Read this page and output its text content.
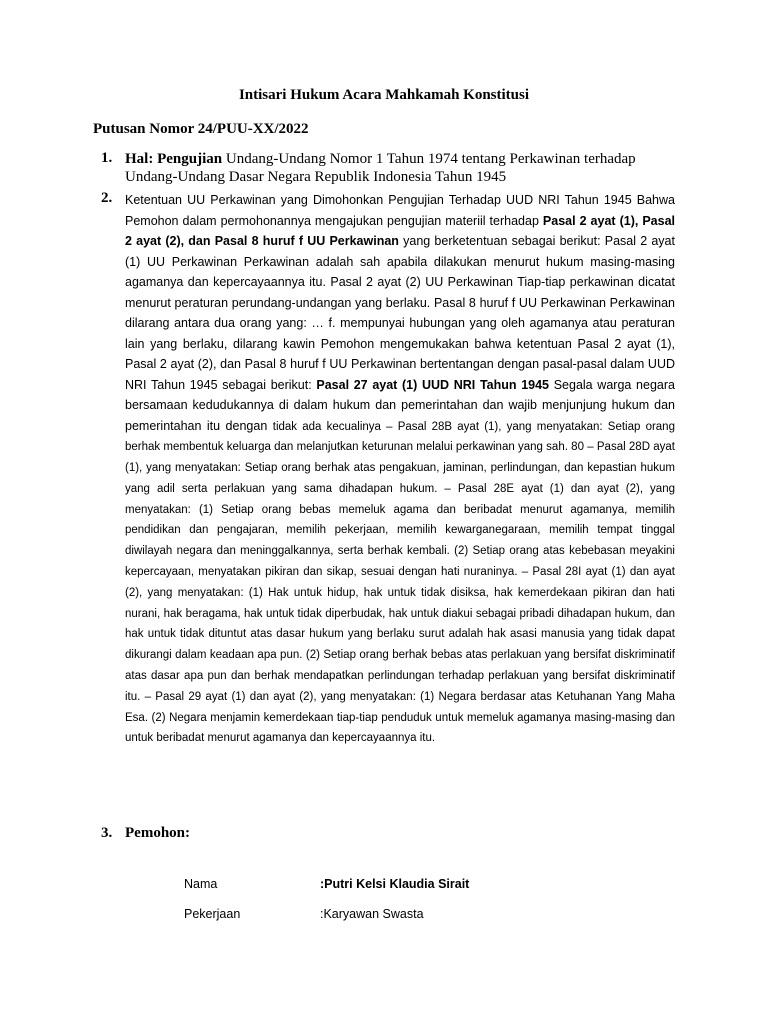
Intisari Hukum Acara Mahkamah Konstitusi
Putusan Nomor 24/PUU-XX/2022
1. Hal: Pengujian Undang-Undang Nomor 1 Tahun 1974 tentang Perkawinan terhadap Undang-Undang Dasar Negara Republik Indonesia Tahun 1945
2. Ketentuan UU Perkawinan yang Dimohonkan Pengujian Terhadap UUD NRI Tahun 1945 Bahwa Pemohon dalam permohonannya mengajukan pengujian materiil terhadap Pasal 2 ayat (1), Pasal 2 ayat (2), dan Pasal 8 huruf f UU Perkawinan yang berketentuan sebagai berikut: Pasal 2 ayat (1) UU Perkawinan Perkawinan adalah sah apabila dilakukan menurut hukum masing-masing agamanya dan kepercayaannya itu. Pasal 2 ayat (2) UU Perkawinan Tiap-tiap perkawinan dicatat menurut peraturan perundang-undangan yang berlaku. Pasal 8 huruf f UU Perkawinan Perkawinan dilarang antara dua orang yang: … f. mempunyai hubungan yang oleh agamanya atau peraturan lain yang berlaku, dilarang kawin Pemohon mengemukakan bahwa ketentuan Pasal 2 ayat (1), Pasal 2 ayat (2), dan Pasal 8 huruf f UU Perkawinan bertentangan dengan pasal-pasal dalam UUD NRI Tahun 1945 sebagai berikut: Pasal 27 ayat (1) UUD NRI Tahun 1945 Segala warga negara bersamaan kedudukannya di dalam hukum dan pemerintahan dan wajib menjunjung hukum dan pemerintahan itu dengan tidak ada kecualinya – Pasal 28B ayat (1), yang menyatakan: Setiap orang berhak membentuk keluarga dan melanjutkan keturunan melalui perkawinan yang sah. 80 – Pasal 28D ayat (1), yang menyatakan: Setiap orang berhak atas pengakuan, jaminan, perlindungan, dan kepastian hukum yang adil serta perlakuan yang sama dihadapan hukum. – Pasal 28E ayat (1) dan ayat (2), yang menyatakan: (1) Setiap orang bebas memeluk agama dan beribadat menurut agamanya, memilih pendidikan dan pengajaran, memilih pekerjaan, memilih kewarganegaraan, memilih tempat tinggal diwilayah negara dan meninggalkannya, serta berhak kembali. (2) Setiap orang atas kebebasan meyakini kepercayaan, menyatakan pikiran dan sikap, sesuai dengan hati nuraninya. – Pasal 28I ayat (1) dan ayat (2), yang menyatakan: (1) Hak untuk hidup, hak untuk tidak disiksa, hak kemerdekaan pikiran dan hati nurani, hak beragama, hak untuk tidak diperbudak, hak untuk diakui sebagai pribadi dihadapan hukum, dan hak untuk tidak dituntut atas dasar hukum yang berlaku surut adalah hak asasi manusia yang tidak dapat dikurangi dalam keadaan apa pun. (2) Setiap orang berhak bebas atas perlakuan yang bersifat diskriminatif atas dasar apa pun dan berhak mendapatkan perlindungan terhadap perlakuan yang bersifat diskriminatif itu. – Pasal 29 ayat (1) dan ayat (2), yang menyatakan: (1) Negara berdasar atas Ketuhanan Yang Maha Esa. (2) Negara menjamin kemerdekaan tiap-tiap penduduk untuk memeluk agamanya masing-masing dan untuk beribadat menurut agamanya dan kepercayaannya itu.
3. Pemohon:
Nama	:Putri Kelsi Klaudia Sirait
Pekerjaan	:Karyawan Swasta
